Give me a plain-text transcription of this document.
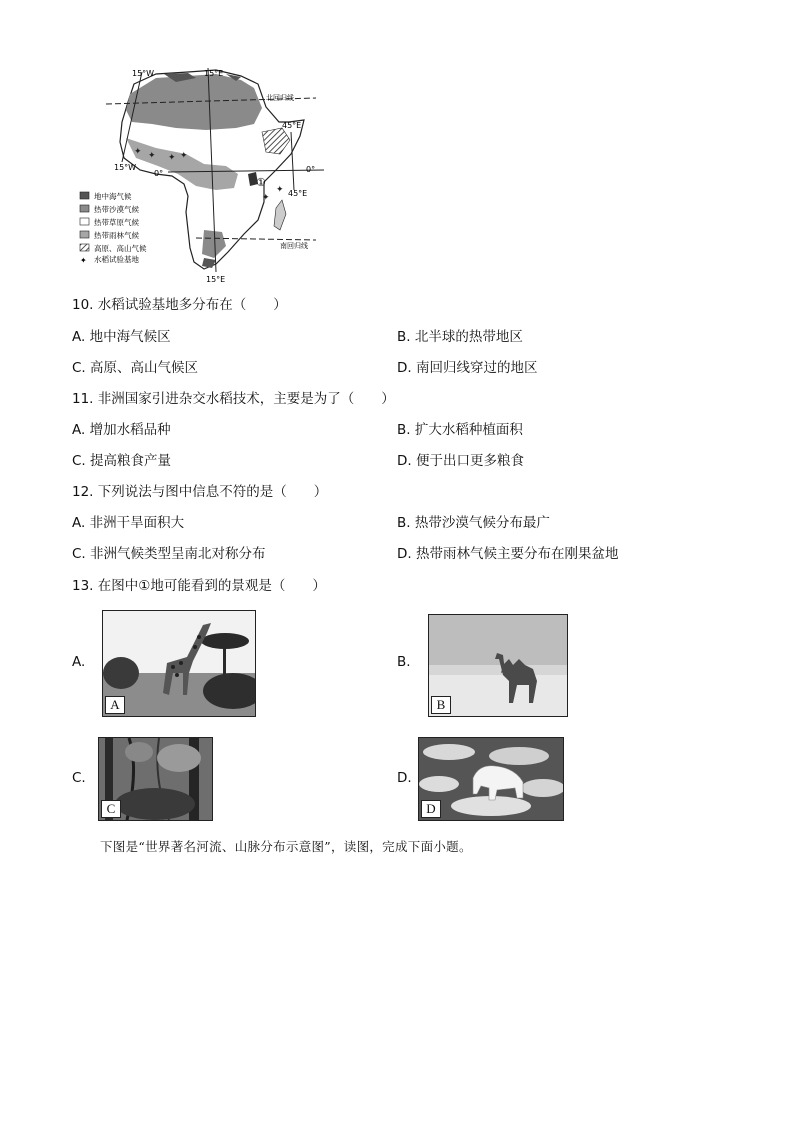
✦ ✦ ✦ ✦
✦
✦
15°W	15°E
北回归线
45°E
15°W
0°	0°
45°E
①
南回归线
15°E
地中海气候
热带沙漠气候
热带草原气候
热带雨林气候
高原、高山气候
✦ 水稻试验基地
10. 水稻试验基地多分布在（　　）
A. 地中海气候区	B. 北半球的热带地区
C. 高原、高山气候区	D. 南回归线穿过的地区
11. 非洲国家引进杂交水稻技术，主要是为了（　　）
A. 增加水稻品种	B. 扩大水稻种植面积
C. 提高粮食产量	D. 便于出口更多粮食
12. 下列说法与图中信息不符的是（　　）
A. 非洲干旱面积大	B. 热带沙漠气候分布最广
C. 非洲气候类型呈南北对称分布	D. 热带雨林气候主要分布在刚果盆地
13. 在图中①地可能看到的景观是（　　）
A.
A
B.
B
C.
C
D.
D
下图是“世界著名河流、山脉分布示意图”，读图，完成下面小题。
